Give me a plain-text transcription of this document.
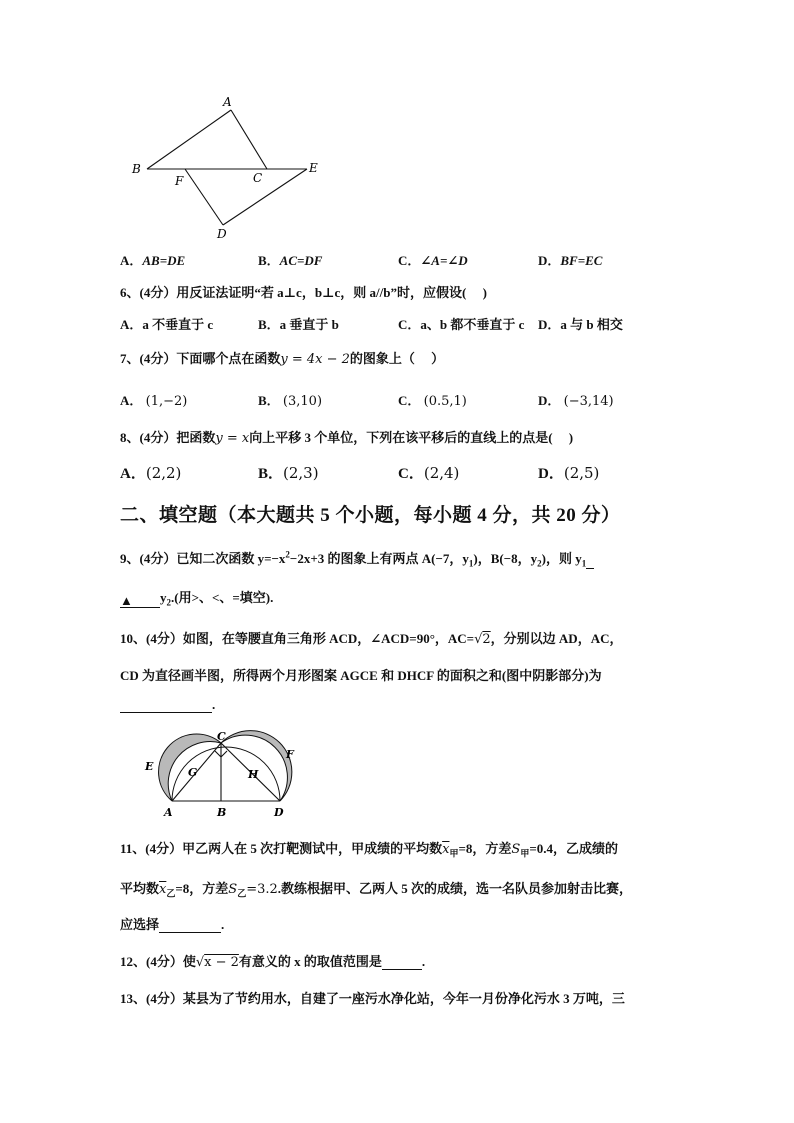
A
B
C
E
F
D
A．AB=DE	B．AC=DF	C．∠A=∠D	D．BF=EC
6、(4分）用反证法证明“若 a⊥c，b⊥c，则 a//b”时，应假设(　 )
A．a 不垂直于 c	B．a 垂直于 b	C．a、b 都不垂直于 c D．a 与 b 相交
7、(4分）下面哪个点在函数y = 4x − 2的图象上（　 ）
A． (1,−2)	B． (3,10)	C． (0.5,1)	D． (−3,14)
8、(4分）把函数y = x向上平移 3 个单位，下列在该平移后的直线上的点是(　 )
A．(2,2)	B．(2,3)	C．(2,4)	D．(2,5)
二、填空题（本大题共 5 个小题，每小题 4 分，共 20 分）
9、(4分）已知二次函数 $y=-x^2-2x+3$ 的图象上有两点 A(−7，$y_1$)，B(−8，$y_2$)，则 $y_1$
▲ $y_2$.(用>、<、=填空).
10、(4分）如图，在等腰直角三角形 ACD，∠ACD=90°，AC=√2，分别以边 AD，AC，
CD 为直径画半图，所得两个月形图案 AGCE 和 DHCF 的面积之和(图中阴影部分)为
.
C
E
F
G	H
A	B	D
11、(4分）甲乙两人在 5 次打靶测试中，甲成绩的平均数$\overline{x}_甲=8$，方差$S_甲=0.4$，乙成绩的
平均数$\overline{x}_乙=8$，方差$S_乙=3.2$.教练根据甲、乙两人 5 次的成绩，选一名队员参加射击比赛，
应选择	.
12、(4分）使√x − 2有意义的 x 的取值范围是	.
13、(4分）某县为了节约用水，自建了一座污水净化站，今年一月份净化污水 3 万吨，三
